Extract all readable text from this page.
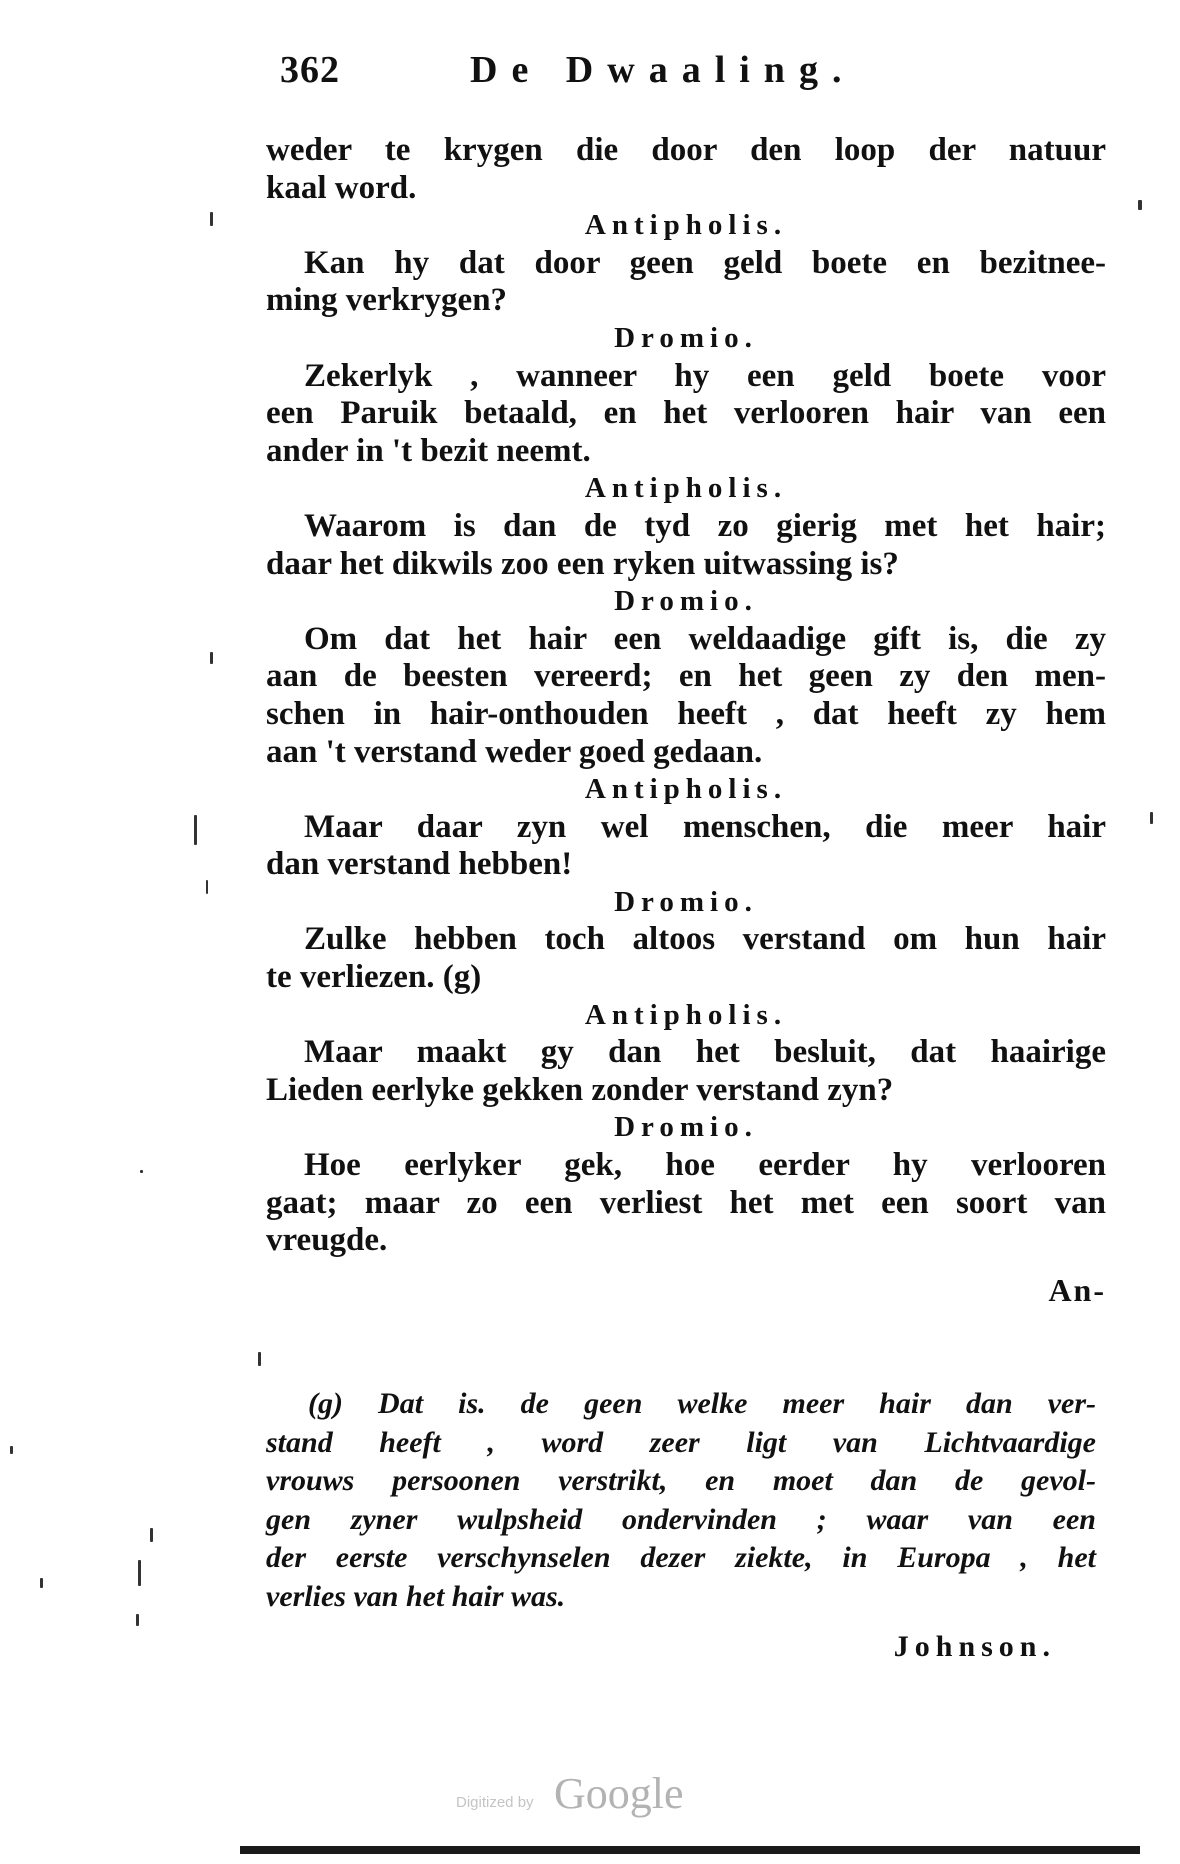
362	De Dwaaling.
weder te krygen die door den loop der natuur
kaal word.
Antipholis.
Kan hy dat door geen geld boete en bezitnee-
ming verkrygen?
Dromio.
Zekerlyk , wanneer hy een geld boete voor
een Paruik betaald, en het verlooren hair van een
ander in 't bezit neemt.
Antipholis.
Waarom is dan de tyd zo gierig met het hair;
daar het dikwils zoo een ryken uitwassing is?
Dromio.
Om dat het hair een weldaadige gift is, die zy
aan de beesten vereerd; en het geen zy den men-
schen in hair-onthouden heeft , dat heeft zy hem
aan 't verstand weder goed gedaan.
Antipholis.
Maar daar zyn wel menschen, die meer hair
dan verstand hebben!
Dromio.
Zulke hebben toch altoos verstand om hun hair
te verliezen. (g)
Antipholis.
Maar maakt gy dan het besluit, dat haairige
Lieden eerlyke gekken zonder verstand zyn?
Dromio.
Hoe eerlyker gek, hoe eerder hy verlooren
gaat; maar zo een verliest het met een soort van
vreugde.
An-
(g) Dat is. de geen welke meer hair dan ver-
stand heeft , word zeer ligt van Lichtvaardige
vrouws persoonen verstrikt, en moet dan de gevol-
gen zyner wulpsheid ondervinden ; waar van een
der eerste verschynselen dezer ziekte, in Europa , het
verlies van het hair was.
Johnson.
Digitized by Google
